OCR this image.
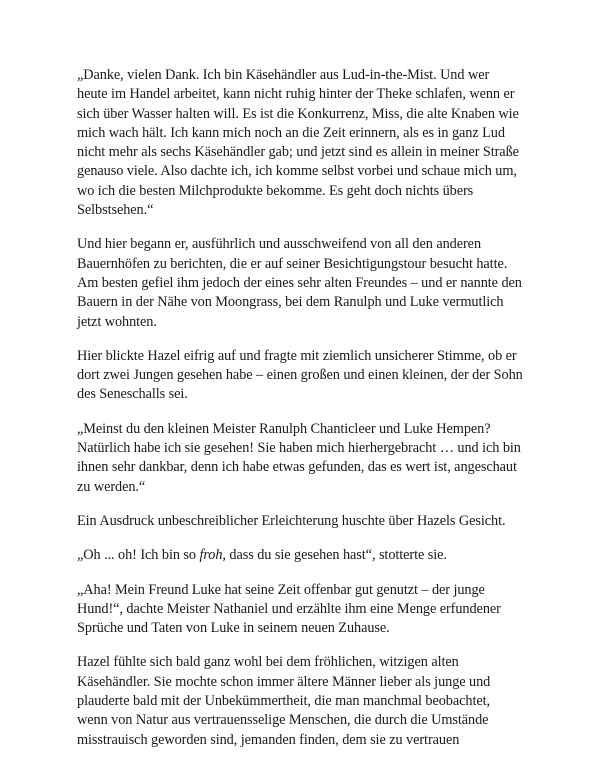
„Danke, vielen Dank. Ich bin Käsehändler aus Lud-in-the-Mist. Und wer heute im Handel arbeitet, kann nicht ruhig hinter der Theke schlafen, wenn er sich über Wasser halten will. Es ist die Konkurrenz, Miss, die alte Knaben wie mich wach hält. Ich kann mich noch an die Zeit erinnern, als es in ganz Lud nicht mehr als sechs Käsehändler gab; und jetzt sind es allein in meiner Straße genauso viele. Also dachte ich, ich komme selbst vorbei und schaue mich um, wo ich die besten Milchprodukte bekomme. Es geht doch nichts übers Selbstsehen.“

Und hier begann er, ausführlich und ausschweifend von all den anderen Bauernhöfen zu berichten, die er auf seiner Besichtigungstour besucht hatte. Am besten gefiel ihm jedoch der eines sehr alten Freundes – und er nannte den Bauern in der Nähe von Moongrass, bei dem Ranulph und Luke vermutlich jetzt wohnten.

Hier blickte Hazel eifrig auf und fragte mit ziemlich unsicherer Stimme, ob er dort zwei Jungen gesehen habe – einen großen und einen kleinen, der der Sohn des Seneschalls sei.

„Meinst du den kleinen Meister Ranulph Chanticleer und Luke Hempen? Natürlich habe ich sie gesehen! Sie haben mich hierhergebracht … und ich bin ihnen sehr dankbar, denn ich habe etwas gefunden, das es wert ist, angeschaut zu werden.“

Ein Ausdruck unbeschreiblicher Erleichterung huschte über Hazels Gesicht.

„Oh ... oh! Ich bin so froh, dass du sie gesehen hast“, stotterte sie.

„Aha! Mein Freund Luke hat seine Zeit offenbar gut genutzt – der junge Hund!“, dachte Meister Nathaniel und erzählte ihm eine Menge erfundener Sprüche und Taten von Luke in seinem neuen Zuhause.

Hazel fühlte sich bald ganz wohl bei dem fröhlichen, witzigen alten Käsehändler. Sie mochte schon immer ältere Männer lieber als junge und plauderte bald mit der Unbekümmertheit, die man manchmal beobachtet, wenn von Natur aus vertrauensselige Menschen, die durch die Umstände misstrauisch geworden sind, jemanden finden, dem sie zu vertrauen
